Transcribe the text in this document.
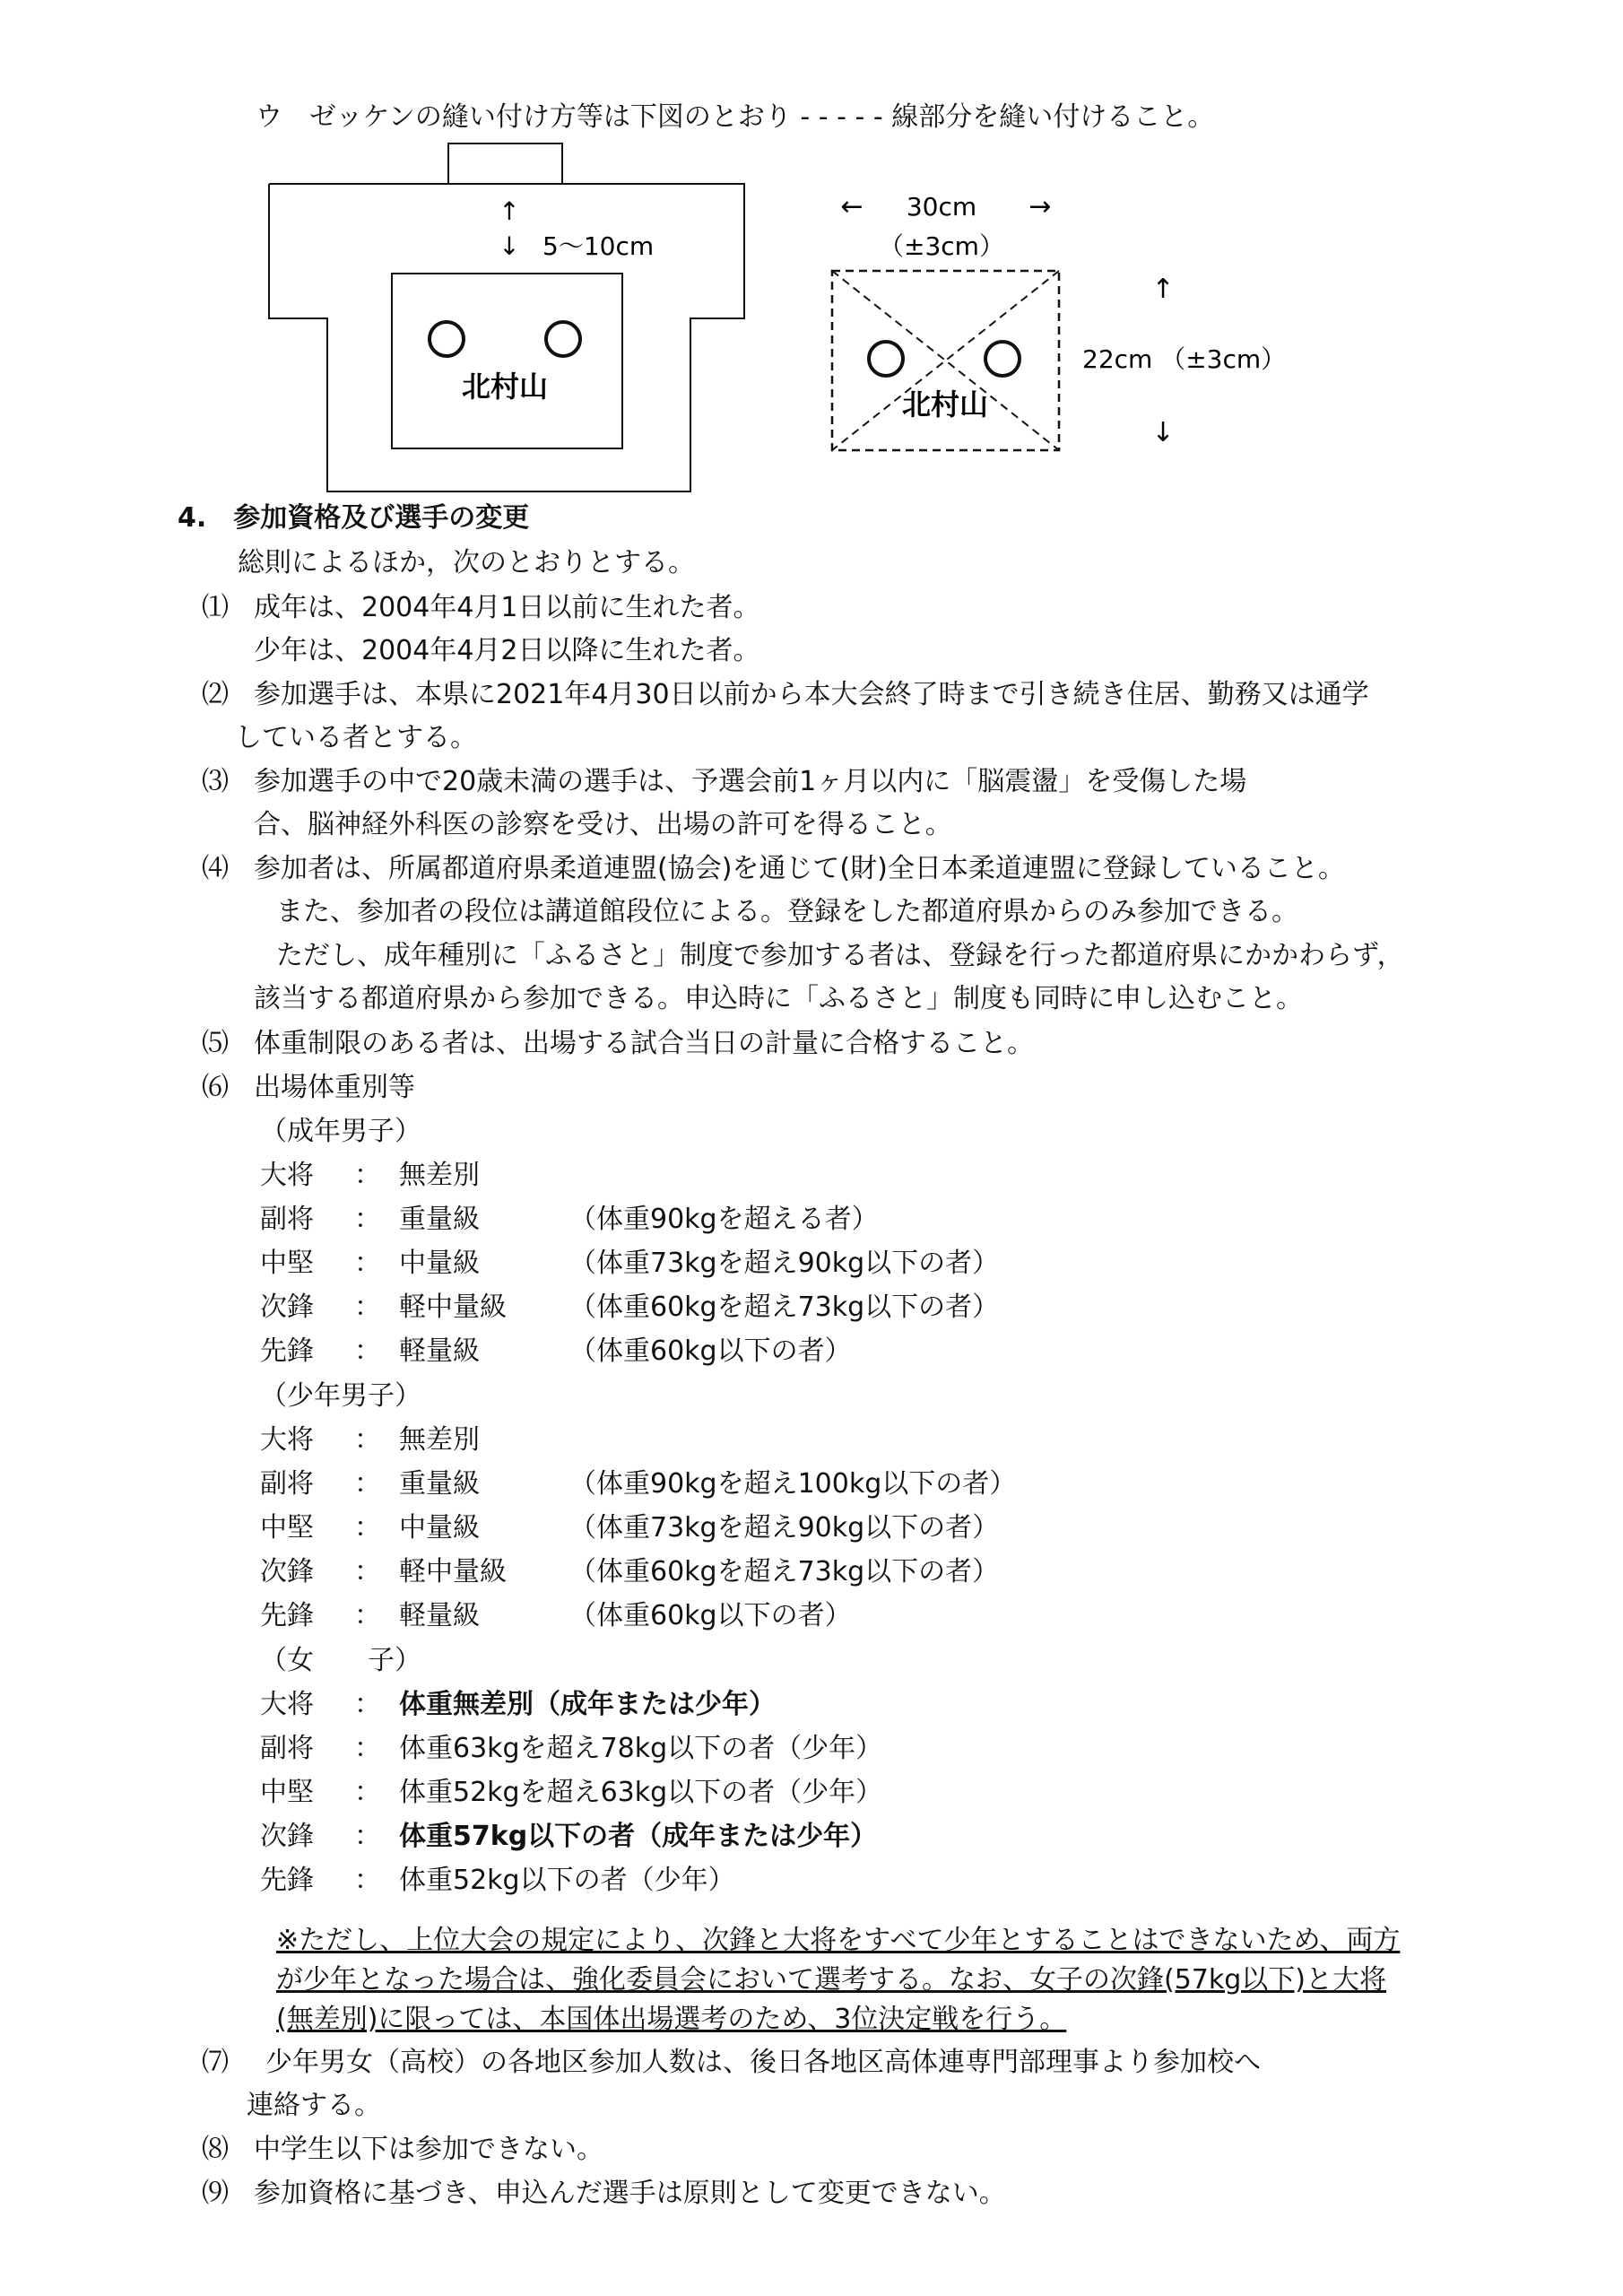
ウ　ゼッケンの縫い付け方等は下図のとおり - - - - - 線部分を縫い付けること。
北村山
↑
↓ 5～10cm
北村山
← 30cm →
（±3cm）
↑
22cm （±3cm）
↓
4.　参加資格及び選手の変更
総則によるほか，次のとおりとする。
⑴ 成年は、2004年4月1日以前に生れた者。
少年は、2004年4月2日以降に生れた者。
⑵ 参加選手は、本県に2021年4月30日以前から本大会終了時まで引き続き住居、勤務又は通学
している者とする。
⑶ 参加選手の中で20歳未満の選手は、予選会前1ヶ月以内に「脳震盪」を受傷した場
合、脳神経外科医の診察を受け、出場の許可を得ること。
⑷ 参加者は、所属都道府県柔道連盟(協会)を通じて(財)全日本柔道連盟に登録していること。
また、参加者の段位は講道館段位による。登録をした都道府県からのみ参加できる。
ただし、成年種別に「ふるさと」制度で参加する者は、登録を行った都道府県にかかわらず，
該当する都道府県から参加できる。申込時に「ふるさと」制度も同時に申し込むこと。
⑸ 体重制限のある者は、出場する試合当日の計量に合格すること。
⑹ 出場体重別等
（成年男子）
大将 ： 無差別
副将 ： 重量級	（体重90kgを超える者）
中堅 ： 中量級	（体重73kgを超え90kg以下の者）
次鋒 ： 軽中量級 （体重60kgを超え73kg以下の者）
先鋒 ： 軽量級	（体重60kg以下の者）
（少年男子）
大将 ： 無差別
副将 ： 重量級	（体重90kgを超え100kg以下の者）
中堅 ： 中量級	（体重73kgを超え90kg以下の者）
次鋒 ： 軽中量級 （体重60kgを超え73kg以下の者）
先鋒 ： 軽量級	（体重60kg以下の者）
（女　　子）
大将 ： 体重無差別（成年または少年）
副将 ： 体重63kgを超え78kg以下の者（少年）
中堅 ： 体重52kgを超え63kg以下の者（少年）
次鋒 ： 体重57kg以下の者（成年または少年）
先鋒 ： 体重52kg以下の者（少年）
※ただし、上位大会の規定により、次鋒と大将をすべて少年とすることはできないため、両方が少年となった場合は、強化委員会において選考する。なお、女子の次鋒(57kg以下)と大将(無差別)に限っては、本国体出場選考のため、3位決定戦を行う。
⑺ 少年男女（高校）の各地区参加人数は、後日各地区高体連専門部理事より参加校へ
連絡する。
⑻ 中学生以下は参加できない。
⑼ 参加資格に基づき、申込んだ選手は原則として変更できない。
